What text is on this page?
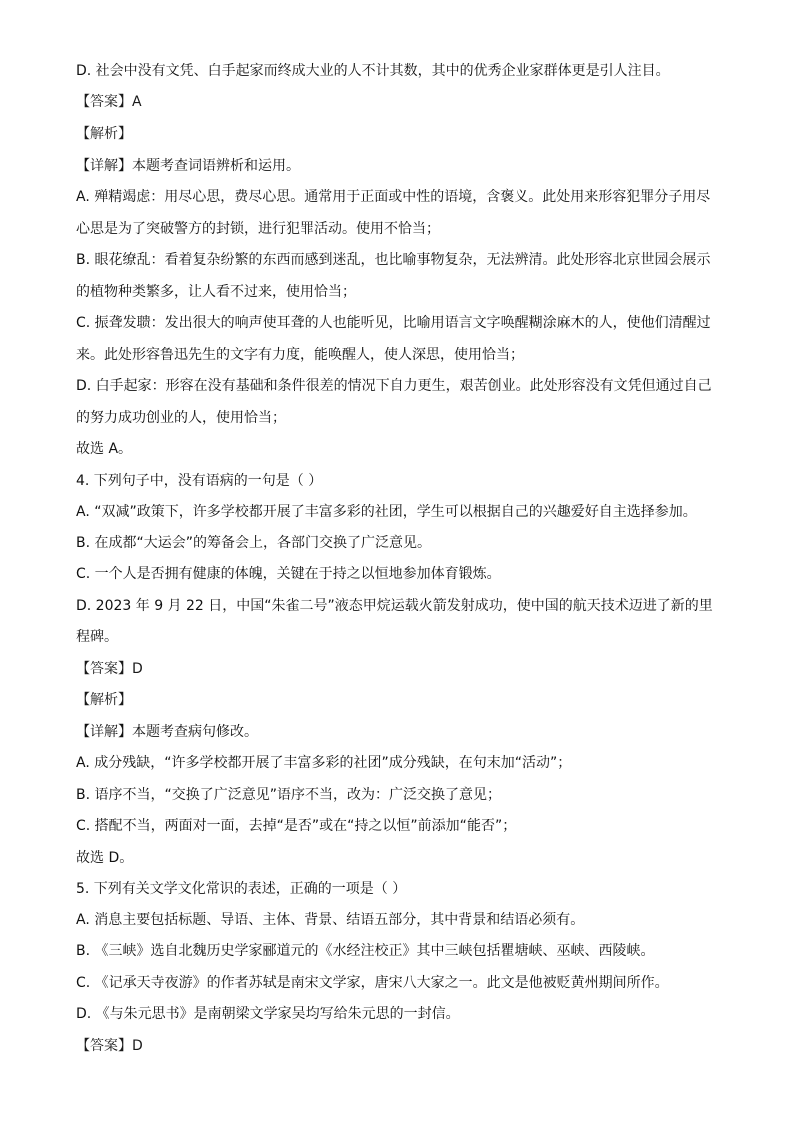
D. 社会中没有文凭、白手起家而终成大业的人不计其数，其中的优秀企业家群体更是引人注目。
【答案】A
【解析】
【详解】本题考查词语辨析和运用。
A. 殚精竭虑：用尽心思，费尽心思。通常用于正面或中性的语境，含褒义。此处用来形容犯罪分子用尽
心思是为了突破警方的封锁，进行犯罪活动。使用不恰当；
B. 眼花缭乱：看着复杂纷繁的东西而感到迷乱，也比喻事物复杂，无法辨清。此处形容北京世园会展示
的植物种类繁多，让人看不过来，使用恰当；
C. 振聋发聩：发出很大的响声使耳聋的人也能听见，比喻用语言文字唤醒糊涂麻木的人，使他们清醒过
来。此处形容鲁迅先生的文字有力度，能唤醒人，使人深思，使用恰当；
D. 白手起家：形容在没有基础和条件很差的情况下自力更生，艰苦创业。此处形容没有文凭但通过自己
的努力成功创业的人，使用恰当；
故选 A。
4. 下列句子中，没有语病的一句是（ ）
A. “双减”政策下，许多学校都开展了丰富多彩的社团，学生可以根据自己的兴趣爱好自主选择参加。
B. 在成都“大运会”的筹备会上，各部门交换了广泛意见。
C. 一个人是否拥有健康的体魄，关键在于持之以恒地参加体育锻炼。
D. 2023 年 9 月 22 日，中国“朱雀二号”液态甲烷运载火箭发射成功，使中国的航天技术迈进了新的里
程碑。
【答案】D
【解析】
【详解】本题考查病句修改。
A. 成分残缺，“许多学校都开展了丰富多彩的社团”成分残缺，在句末加“活动”；
B. 语序不当，“交换了广泛意见”语序不当，改为：广泛交换了意见；
C. 搭配不当，两面对一面，去掉“是否”或在“持之以恒”前添加“能否”；
故选 D。
5. 下列有关文学文化常识的表述，正确的一项是（ ）
A. 消息主要包括标题、导语、主体、背景、结语五部分，其中背景和结语必须有。
B. 《三峡》选自北魏历史学家郦道元的《水经注校正》其中三峡包括瞿塘峡、巫峡、西陵峡。
C. 《记承天寺夜游》的作者苏轼是南宋文学家，唐宋八大家之一。此文是他被贬黄州期间所作。
D. 《与朱元思书》是南朝梁文学家吴均写给朱元思的一封信。
【答案】D
